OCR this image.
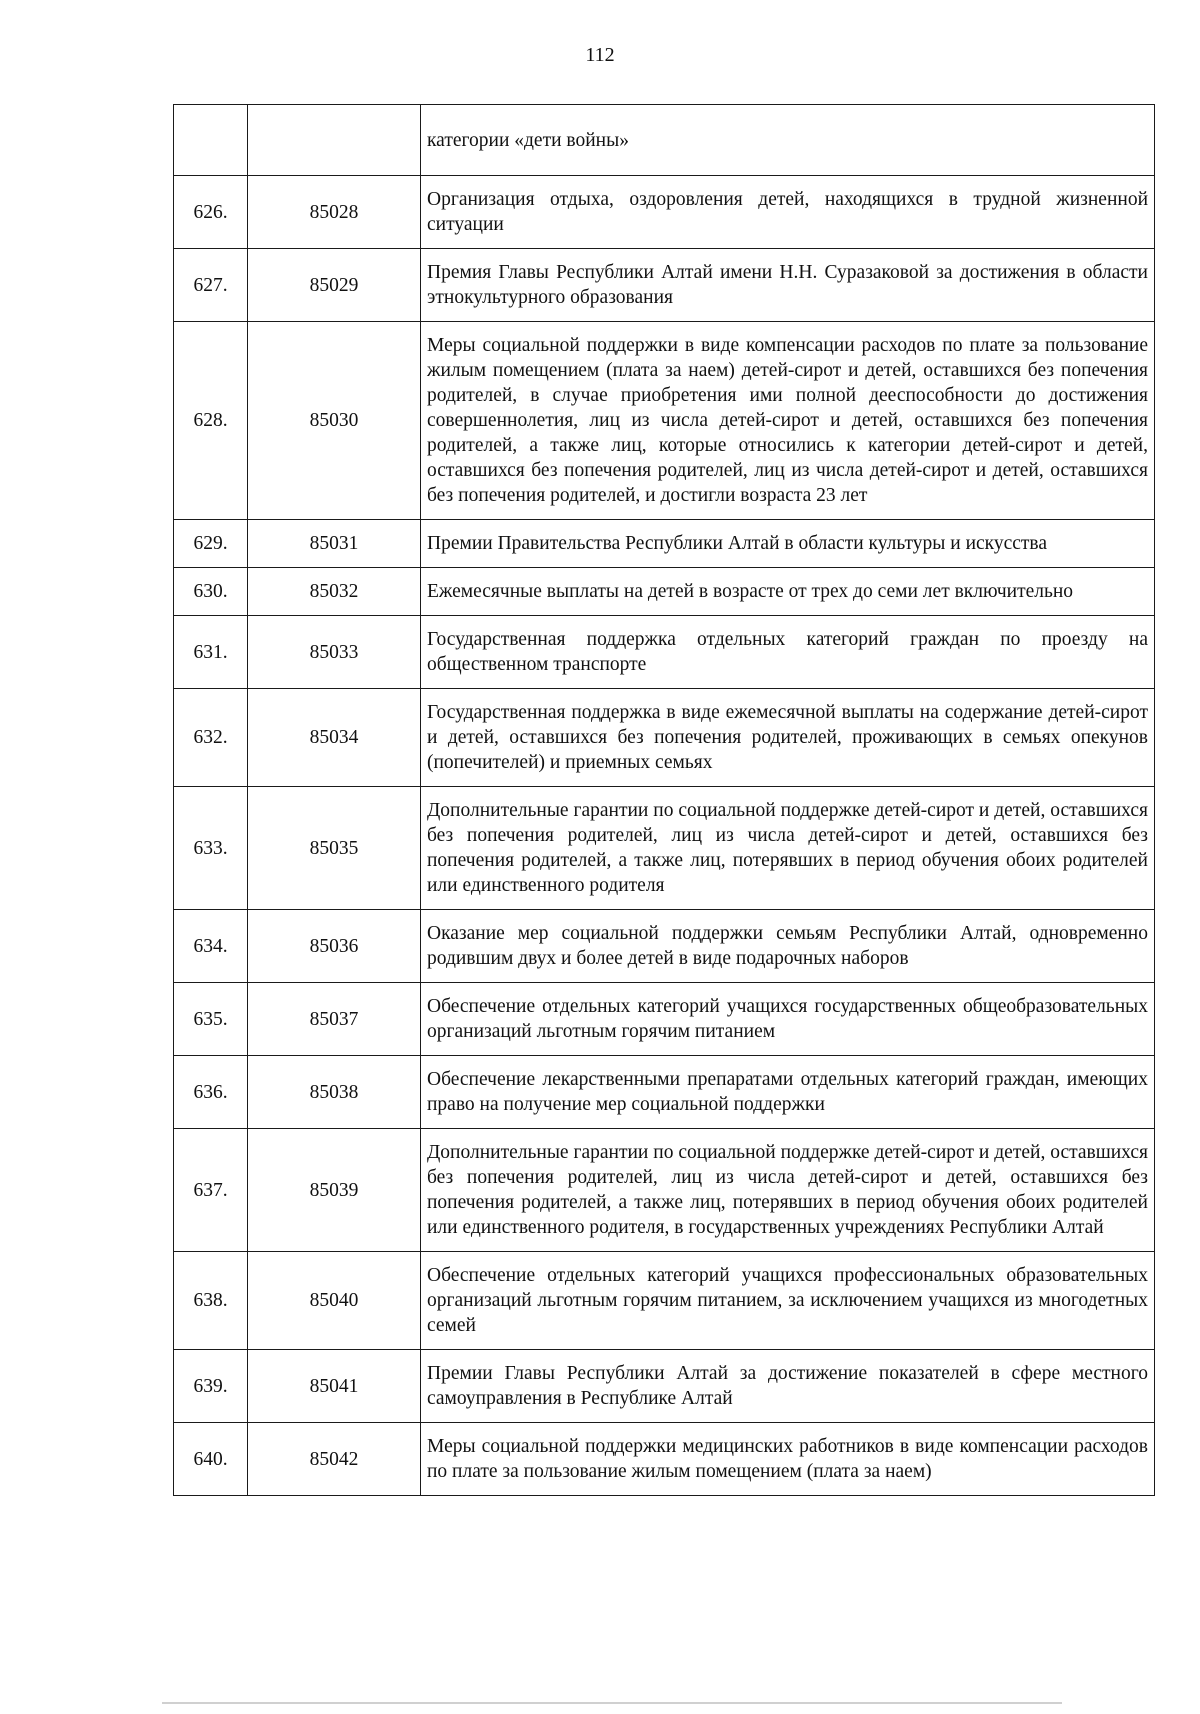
112
		категории «дети войны»
626.	85028	Организация отдыха, оздоровления детей, находящихся в трудной жизненной ситуации
627.	85029	Премия Главы Республики Алтай имени Н.Н. Суразаковой за достижения в области этнокультурного образования
628.	85030	Меры социальной поддержки в виде компенсации расходов по плате за пользование жилым помещением (плата за наем) детей-сирот и детей, оставшихся без попечения родителей, в случае приобретения ими полной дееспособности до достижения совершеннолетия, лиц из числа детей-сирот и детей, оставшихся без попечения родителей, а также лиц, которые относились к категории детей-сирот и детей, оставшихся без попечения родителей, лиц из числа детей-сирот и детей, оставшихся без попечения родителей, и достигли возраста 23 лет
629.	85031	Премии Правительства Республики Алтай в области культуры и искусства
630.	85032	Ежемесячные выплаты на детей в возрасте от трех до семи лет включительно
631.	85033	Государственная поддержка отдельных категорий граждан по проезду на общественном транспорте
632.	85034	Государственная поддержка в виде ежемесячной выплаты на содержание детей-сирот и детей, оставшихся без попечения родителей, проживающих в семьях опекунов (попечителей) и приемных семьях
633.	85035	Дополнительные гарантии по социальной поддержке детей-сирот и детей, оставшихся без попечения родителей, лиц из числа детей-сирот и детей, оставшихся без попечения родителей, а также лиц, потерявших в период обучения обоих родителей или единственного родителя
634.	85036	Оказание мер социальной поддержки семьям Республики Алтай, одновременно родившим двух и более детей в виде подарочных наборов
635.	85037	Обеспечение отдельных категорий учащихся государственных общеобразовательных организаций льготным горячим питанием
636.	85038	Обеспечение лекарственными препаратами отдельных категорий граждан, имеющих право на получение мер социальной поддержки
637.	85039	Дополнительные гарантии по социальной поддержке детей-сирот и детей, оставшихся без попечения родителей, лиц из числа детей-сирот и детей, оставшихся без попечения родителей, а также лиц, потерявших в период обучения обоих родителей или единственного родителя, в государственных учреждениях Республики Алтай
638.	85040	Обеспечение отдельных категорий учащихся профессиональных образовательных организаций льготным горячим питанием, за исключением учащихся из многодетных семей
639.	85041	Премии Главы Республики Алтай за достижение показателей в сфере местного самоуправления в Республике Алтай
640.	85042	Меры социальной поддержки медицинских работников в виде компенсации расходов по плате за пользование жилым помещением (плата за наем)
